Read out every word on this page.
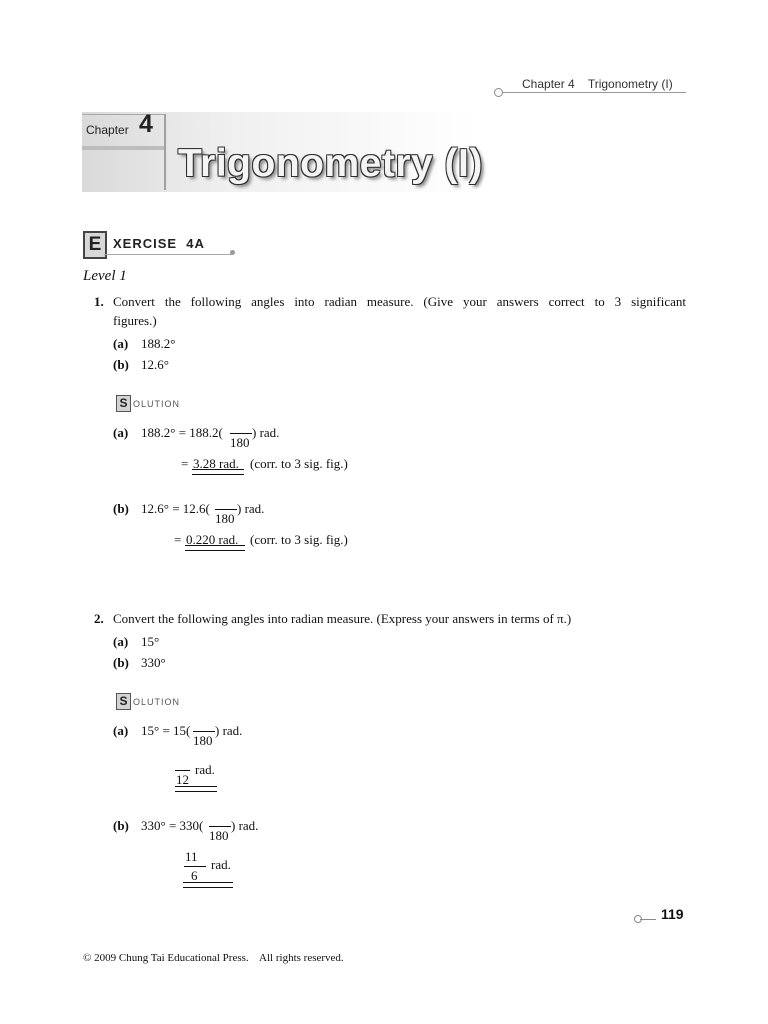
Chapter 4    Trigonometry (I)
Chapter 4
Trigonometry (I)
E XERCISE  4A
Level 1
1. Convert the following angles into radian measure. (Give your answers correct to 3 significant
figures.)
(a) 188.2°
(b) 12.6°
S OLUTION
(a) 188.2° = 188.2(
180
) rad.
= 3.28 rad. (corr. to 3 sig. fig.)
(b) 12.6° = 12.6(
180
) rad.
= 0.220 rad. (corr. to 3 sig. fig.)
2. Convert the following angles into radian measure. (Express your answers in terms of π.)
(a) 15°
(b) 330°
S OLUTION
(a) 15° = 15(
180
) rad.
12
rad.
(b) 330° = 330(
180
) rad.
11
6
rad.
119
© 2009 Chung Tai Educational Press.    All rights reserved.
